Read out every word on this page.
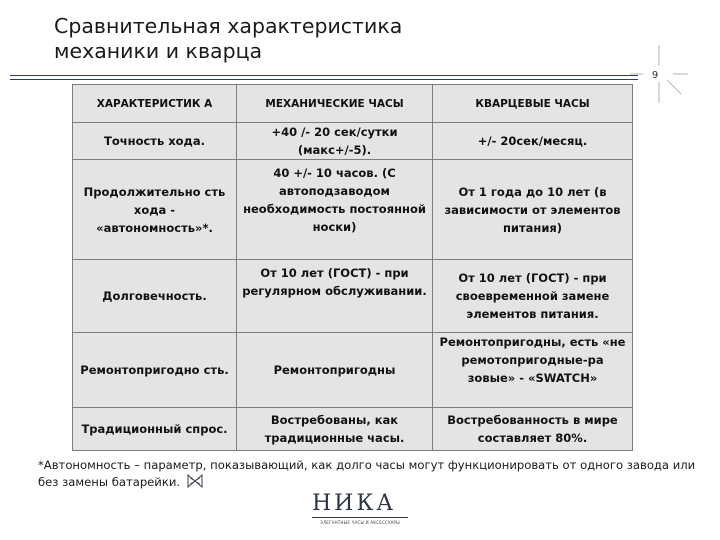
Сравнительная характеристика
механики и кварца
9
ХАРАКТЕРИСТИК А	МЕХАНИЧЕСКИЕ ЧАСЫ	КВАРЦЕВЫЕ ЧАСЫ
Точность хода.	+40 /- 20 сек/сутки (макс+/-5).	+/- 20сек/месяц.
Продолжительно сть хода - «автономность»*.	40 +/- 10 часов. (С автоподзаводом необходимость постоянной носки)	От 1 года до 10 лет (в зависимости от элементов питания)
Долговечность.	От 10 лет (ГОСТ) - при регулярном обслуживании.	От 10 лет (ГОСТ) - при своевременной замене элементов питания.
Ремонтопригодно сть.	Ремонтопригодны	Ремонтопригодны, есть «не ремотопригодные-ра зовые» - «SWATCH»
Традиционный спрос.	Востребованы, как традиционные часы.	Востребованность в мире составляет 80%.
*Автономность – параметр, показывающий, как долго часы могут функционировать от одного завода или без замены батарейки.
НИКА
ЭЛЕГАНТНЫЕ ЧАСЫ И АКСЕССУАРЫ
